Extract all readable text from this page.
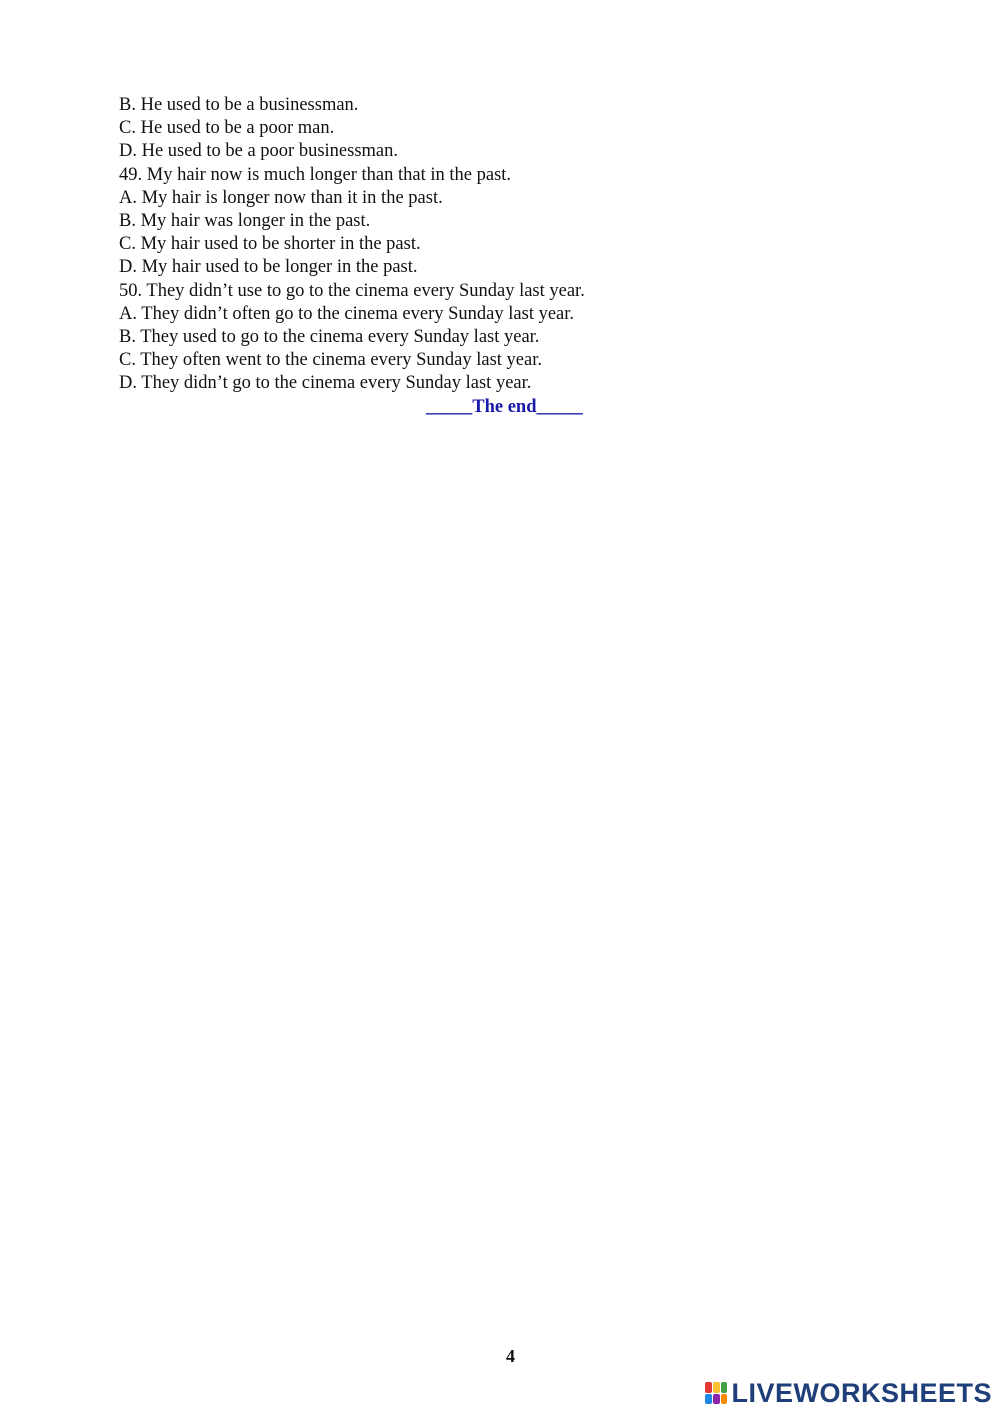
B. He used to be a businessman.
C. He used to be a poor man.
D. He used to be a poor businessman.
49. My hair now is much longer than that in the past.
A. My hair is longer now than it in the past.
B. My hair was longer in the past.
C. My hair used to be shorter in the past.
D. My hair used to be longer in the past.
50. They didn’t use to go to the cinema every Sunday last year.
A. They didn’t often go to the cinema every Sunday last year.
B. They used to go to the cinema every Sunday last year.
C. They often went to the cinema every Sunday last year.
D. They didn’t go to the cinema every Sunday last year.
_____The end_____
4
LIVEWORKSHEETS
